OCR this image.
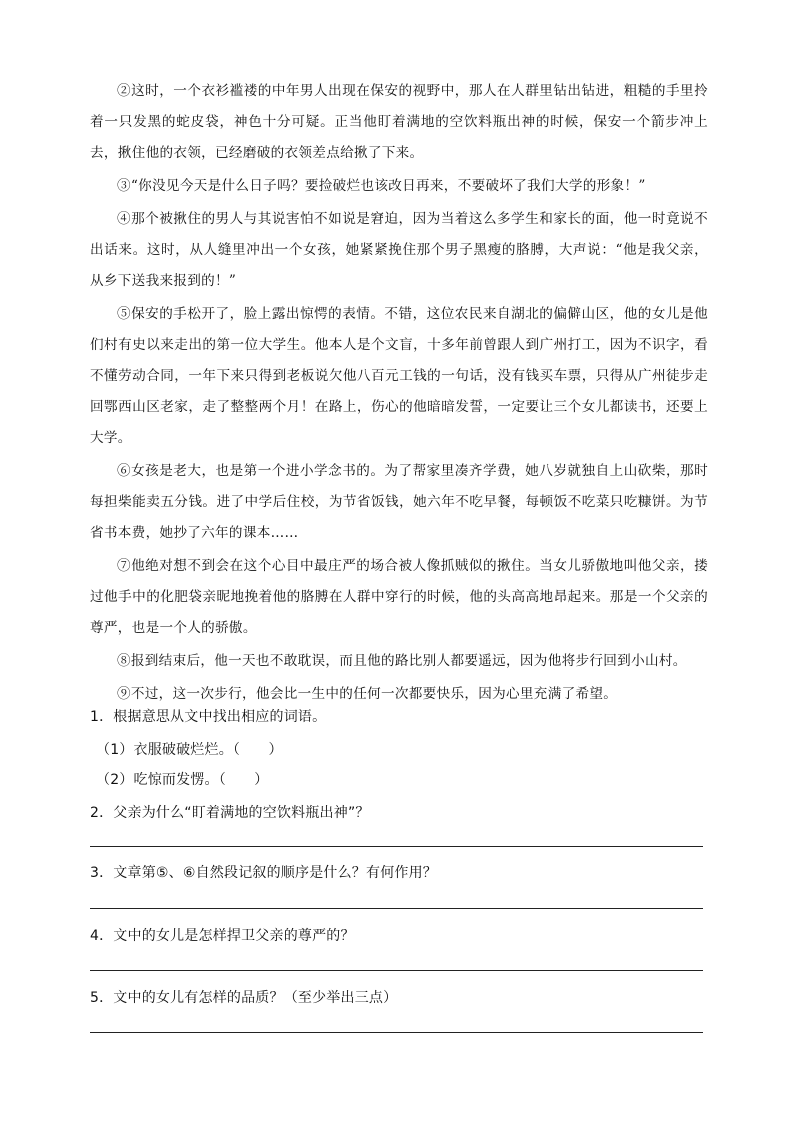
②这时，一个衣衫褴褛的中年男人出现在保安的视野中，那人在人群里钻出钻进，粗糙的手里拎着一只发黑的蛇皮袋，神色十分可疑。正当他盯着满地的空饮料瓶出神的时候，保安一个箭步冲上去，揪住他的衣领，已经磨破的衣领差点给揪了下来。

③“你没见今天是什么日子吗？要捡破烂也该改日再来，不要破坏了我们大学的形象！”

④那个被揪住的男人与其说害怕不如说是窘迫，因为当着这么多学生和家长的面，他一时竟说不出话来。这时，从人缝里冲出一个女孩，她紧紧挽住那个男子黑瘦的胳膊，大声说：“他是我父亲，从乡下送我来报到的！”

⑤保安的手松开了，脸上露出惊愕的表情。不错，这位农民来自湖北的偏僻山区，他的女儿是他们村有史以来走出的第一位大学生。他本人是个文盲，十多年前曾跟人到广州打工，因为不识字，看不懂劳动合同，一年下来只得到老板说欠他八百元工钱的一句话，没有钱买车票，只得从广州徒步走回鄂西山区老家，走了整整两个月！在路上，伤心的他暗暗发誓，一定要让三个女儿都读书，还要上大学。

⑥女孩是老大，也是第一个进小学念书的。为了帮家里凑齐学费，她八岁就独自上山砍柴，那时每担柴能卖五分钱。进了中学后住校，为节省饭钱，她六年不吃早餐，每顿饭不吃菜只吃糠饼。为节省书本费，她抄了六年的课本……

⑦他绝对想不到会在这个心目中最庄严的场合被人像抓贼似的揪住。当女儿骄傲地叫他父亲，搂过他手中的化肥袋亲昵地挽着他的胳膊在人群中穿行的时候，他的头高高地昂起来。那是一个父亲的尊严，也是一个人的骄傲。

⑧报到结束后，他一天也不敢耽误，而且他的路比别人都要遥远，因为他将步行回到小山村。

⑨不过，这一次步行，他会比一生中的任何一次都要快乐，因为心里充满了希望。

1．根据意思从文中找出相应的词语。

（1）衣服破破烂烂。（　　）

（2）吃惊而发愣。（　　）

2．父亲为什么“盯着满地的空饮料瓶出神”？

3．文章第⑤、⑥自然段记叙的顺序是什么？有何作用？

4．文中的女儿是怎样捍卫父亲的尊严的？

5．文中的女儿有怎样的品质？（至少举出三点）
